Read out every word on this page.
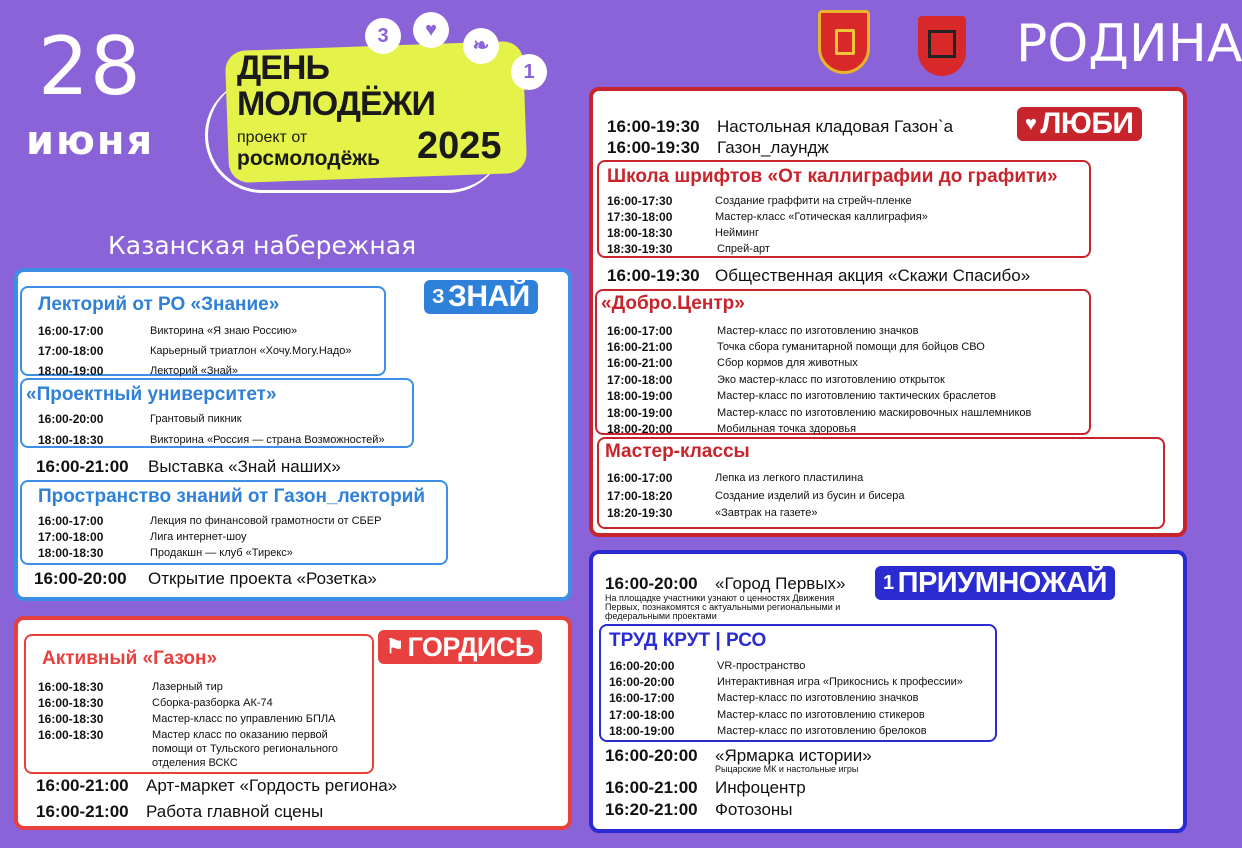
28
июня
3	♥
❧
1
ДЕНЬ
МОЛОДЁЖИ
проект от
росмолодёжь 2025
РОДИНА
Казанская набережная
З ЗНАЙ
Лекторий от РО «Знание»
16:00-17:00	Викторина «Я знаю Россию»
17:00-18:00	Карьерный триатлон «Хочу.Могу.Надо»
18:00-19:00	Лекторий «Знай»
«Проектный университет»
16:00-20:00	Грантовый пикник
18:00-18:30	Викторина «Россия — страна Возможностей»
16:00-21:00 Выставка «Знай наших»
Пространство знаний от Газон_лекторий
16:00-17:00	Лекция по финансовой грамотности от СБЕР
17:00-18:00	Лига интернет-шоу
18:00-18:30	Продакшн — клуб «Тирекс»
16:00-20:00 Открытие проекта «Розетка»
⚑ ГОРДИСЬ
Активный «Газон»
16:00-18:30	Лазерный тир
16:00-18:30	Сборка-разборка АК-74
16:00-18:30	Мастер-класс по управлению БПЛА
16:00-18:30	Мастер класс по оказанию первой
помощи от Тульского регионального
отделения ВСКС
16:00-21:00 Арт-маркет «Гордость региона»
16:00-21:00 Работа главной сцены
♥ ЛЮБИ
16:00-19:30 Настольная кладовая Газон`а
16:00-19:30 Газон_лаундж
Школа шрифтов «От каллиграфии до графити»
16:00-17:30	Создание граффити на стрейч-пленке
17:30-18:00	Мастер-класс «Готическая каллиграфия»
18:00-18:30	Нейминг
18:30-19:30	Спрей-арт
16:00-19:30 Общественная акция «Скажи Спасибо»
«Добро.Центр»
16:00-17:00	Мастер-класс по изготовлению значков
16:00-21:00	Точка сбора гуманитарной помощи для бойцов СВО
16:00-21:00	Сбор кормов для животных
17:00-18:00	Эко мастер-класс по изготовлению открыток
18:00-19:00	Мастер-класс по изготовлению тактических браслетов
18:00-19:00	Мастер-класс по изготовлению маскировочных нашлемников
18:00-20:00	Мобильная точка здоровья
Мастер-классы
16:00-17:00	Лепка из легкого пластилина
17:00-18:20	Создание изделий из бусин и бисера
18:20-19:30	«Завтрак на газете»
1 ПРИУМНОЖАЙ
16:00-20:00 «Город Первых»
На площадке участники узнают о ценностях Движения
Первых, познакомятся с актуальными региональными и
федеральными проектами
ТРУД КРУТ | РСО
16:00-20:00	VR-пространство
16:00-20:00	Интерактивная игра «Прикоснись к профессии»
16:00-17:00	Мастер-класс по изготовлению значков
17:00-18:00	Мастер-класс по изготовлению стикеров
18:00-19:00	Мастер-класс по изготовлению брелоков
16:00-20:00 «Ярмарка истории»
Рыцарские МК и настольные игры
16:00-21:00 Инфоцентр
16:20-21:00 Фотозоны
